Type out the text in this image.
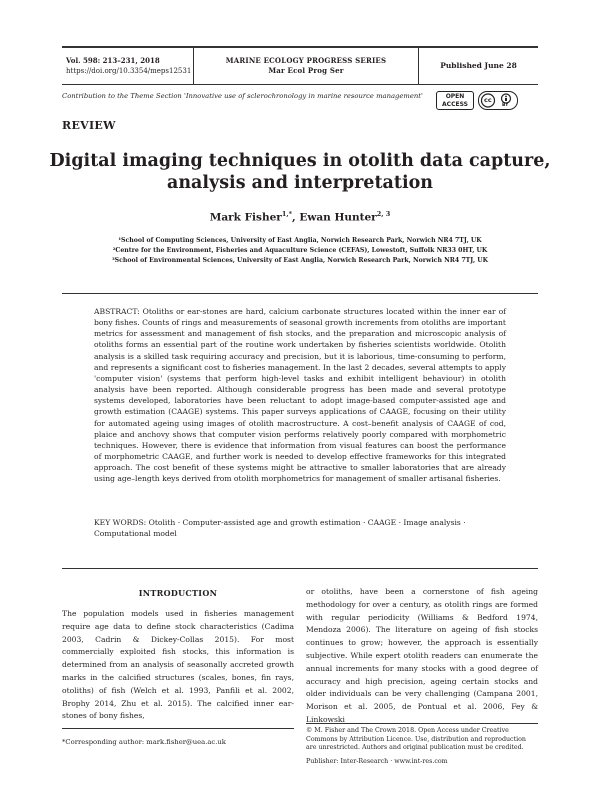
Vol. 598: 213–231, 2018
https://doi.org/10.3354/meps12531
MARINE ECOLOGY PROGRESS SERIES
Mar Ecol Prog Ser
Published June 28
Contribution to the Theme Section 'Innovative use of sclerochronology in marine resource management'	OPEN
ACCESS
cc
BY
REVIEW
Digital imaging techniques in otolith data capture,
analysis and interpretation
Mark Fisher$^{1,*}$, Ewan Hunter$^{2, 3}$
¹School of Computing Sciences, University of East Anglia, Norwich Research Park, Norwich NR4 7TJ, UK
²Centre for the Environment, Fisheries and Aquaculture Science (CEFAS), Lowestoft, Suffolk NR33 0HT, UK
³School of Environmental Sciences, University of East Anglia, Norwich Research Park, Norwich NR4 7TJ, UK
ABSTRACT: Otoliths or ear-stones are hard, calcium carbonate structures located within the inner ear of bony fishes. Counts of rings and measurements of seasonal growth increments from otoliths are important metrics for assessment and management of fish stocks, and the preparation and microscopic analysis of otoliths forms an essential part of the routine work undertaken by fisheries scientists worldwide. Otolith analysis is a skilled task requiring accuracy and precision, but it is laborious, time-consuming to perform, and represents a significant cost to fisheries management. In the last 2 decades, several attempts to apply 'computer vision' (systems that perform high-level tasks and exhibit intelligent behaviour) in otolith analysis have been reported. Although considerable progress has been made and several prototype systems developed, laboratories have been reluctant to adopt image-based computer-assisted age and growth estimation (CAAGE) systems. This paper surveys applications of CAAGE, focusing on their utility for automated ageing using images of otolith macrostructure. A cost–benefit analysis of CAAGE of cod, plaice and anchovy shows that computer vision performs relatively poorly compared with morphometric techniques. However, there is evidence that information from visual features can boost the performance of morphometric CAAGE, and further work is needed to develop effective frameworks for this integrated approach. The cost benefit of these systems might be attractive to smaller laboratories that are already using age–length keys derived from otolith morphometrics for management of smaller artisanal fisheries.
KEY WORDS: Otolith · Computer-assisted age and growth estimation · CAAGE · Image analysis · Computational model
INTRODUCTION
The population models used in fisheries management require age data to define stock characteristics (Cadima 2003, Cadrin & Dickey-Collas 2015). For most commercially exploited fish stocks, this information is determined from an analysis of seasonally accreted growth marks in the calcified structures (scales, bones, fin rays, otoliths) of fish (Welch et al. 1993, Panfili et al. 2002, Brophy 2014, Zhu et al. 2015). The calcified inner ear-stones of bony fishes,
or otoliths, have been a cornerstone of fish ageing methodology for over a century, as otolith rings are formed with regular periodicity (Williams & Bedford 1974, Mendoza 2006). The literature on ageing of fish stocks continues to grow; however, the approach is essentially subjective. While expert otolith readers can enumerate the annual increments for many stocks with a good degree of accuracy and high precision, ageing certain stocks and older individuals can be very challenging (Campana 2001, Morison et al. 2005, de Pontual et al. 2006, Fey & Linkowski
*Corresponding author: mark.fisher@uea.ac.uk
© M. Fisher and The Crown 2018. Open Access under Creative Commons by Attribution Licence. Use, distribution and reproduction are unrestricted. Authors and original publication must be credited.
Publisher: Inter-Research · www.int-res.com
